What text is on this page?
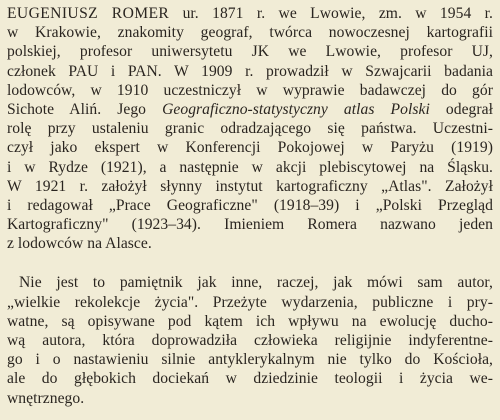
EUGENIUSZ ROMER ur. 1871 r. we Lwowie, zm. w 1954 r.
w Krakowie, znakomity geograf, twórca nowoczesnej kartografii
polskiej, profesor uniwersytetu JK we Lwowie, profesor UJ,
członek PAU i PAN. W 1909 r. prowadził w Szwajcarii badania
lodowców, w 1910 uczestniczył w wyprawie badawczej do gór
Sichote Aliń. Jego Geograficzno-statystyczny atlas Polski odegrał
rolę przy ustaleniu granic odradzającego się państwa. Uczestni-
czył jako ekspert w Konferencji Pokojowej w Paryżu (1919)
i w Rydze (1921), a następnie w akcji plebiscytowej na Śląsku.
W 1921 r. założył słynny instytut kartograficzny „Atlas". Założył
i redagował „Prace Geograficzne" (1918–39) i „Polski Przegląd
Kartograficzny" (1923–34). Imieniem Romera nazwano jeden
z lodowców na Alasce.
Nie jest to pamiętnik jak inne, raczej, jak mówi sam autor,
„wielkie rekolekcje życia". Przeżyte wydarzenia, publiczne i pry-
watne, są opisywane pod kątem ich wpływu na ewolucję ducho-
wą autora, która doprowadziła człowieka religijnie indyferentne-
go i o nastawieniu silnie antyklerykalnym nie tylko do Kościoła,
ale do głębokich dociekań w dziedzinie teologii i życia we-
wnętrznego.
